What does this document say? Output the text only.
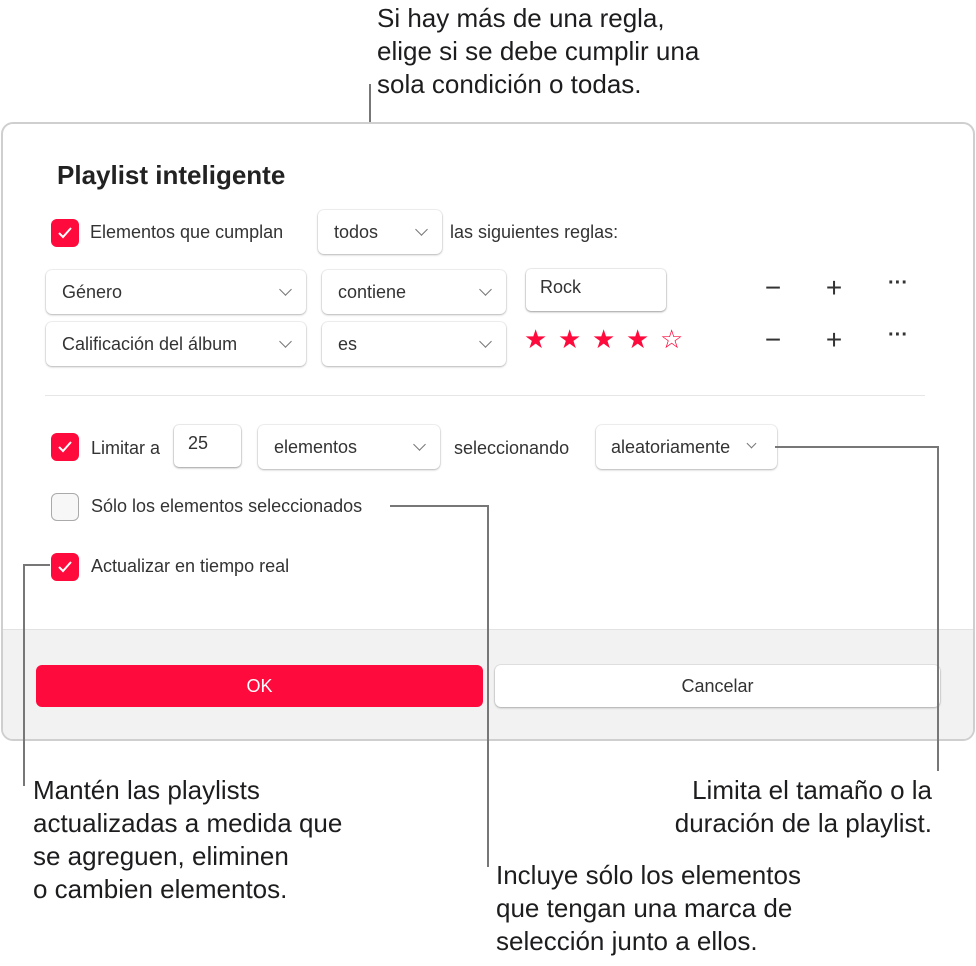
Si hay más de una regla,
elige si se debe cumplir una
sola condición o todas.
Playlist inteligente
Elementos que cumplan	todos	las siguientes reglas:
Género	contiene	Rock	− +	···
Calificación del álbum	es	★ ★ ★ ★ ☆	− +	···
Limitar a	25	elementos	seleccionando aleatoriamente
Sólo los elementos seleccionados
Actualizar en tiempo real
OK	Cancelar
Mantén las playlists
actualizadas a medida que
se agreguen, eliminen
o cambien elementos.
Limita el tamaño o la
duración de la playlist.
Incluye sólo los elementos
que tengan una marca de
selección junto a ellos.
